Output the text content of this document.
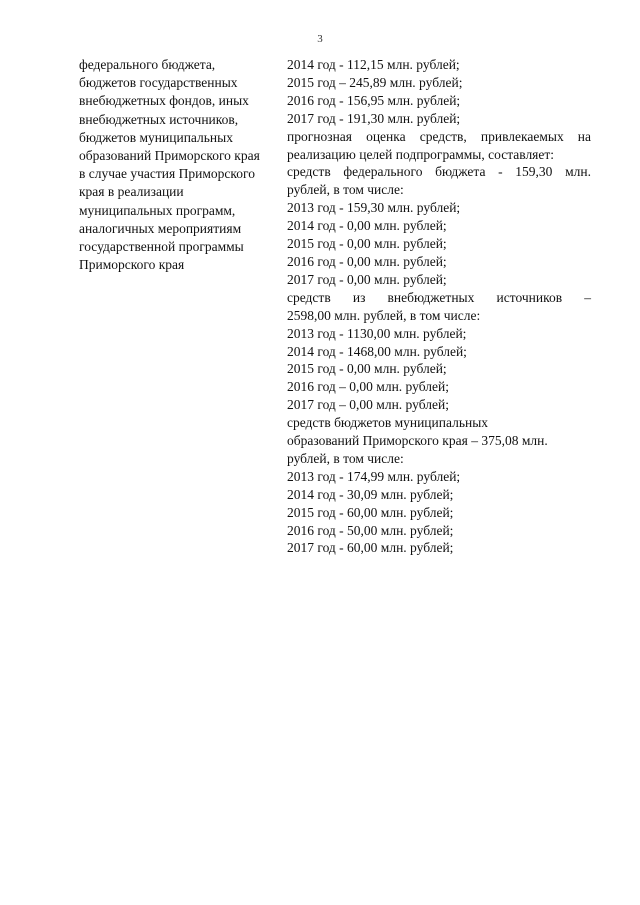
3
федерального бюджета,
бюджетов государственных
внебюджетных фондов, иных
внебюджетных источников,
бюджетов муниципальных
образований Приморского края
в случае участия Приморского
края в реализации
муниципальных программ,
аналогичных мероприятиям
государственной программы
Приморского края
2014 год - 112,15 млн. рублей;
2015 год – 245,89 млн. рублей;
2016 год - 156,95 млн. рублей;
2017 год - 191,30 млн. рублей;
прогнозная оценка средств, привлекаемых на
реализацию целей подпрограммы, составляет:
средств федерального бюджета - 159,30 млн.
рублей, в том числе:
2013 год - 159,30 млн. рублей;
2014 год - 0,00 млн. рублей;
2015 год - 0,00 млн. рублей;
2016 год - 0,00 млн. рублей;
2017 год - 0,00 млн. рублей;
средств из внебюджетных источников –
2598,00 млн. рублей, в том числе:
2013 год - 1130,00 млн. рублей;
2014 год - 1468,00 млн. рублей;
2015 год - 0,00 млн. рублей;
2016 год – 0,00 млн. рублей;
2017 год – 0,00 млн. рублей;
средств бюджетов муниципальных
образований Приморского края – 375,08 млн.
рублей, в том числе:
2013 год - 174,99 млн. рублей;
2014 год - 30,09 млн. рублей;
2015 год - 60,00 млн. рублей;
2016 год - 50,00 млн. рублей;
2017 год - 60,00 млн. рублей;
